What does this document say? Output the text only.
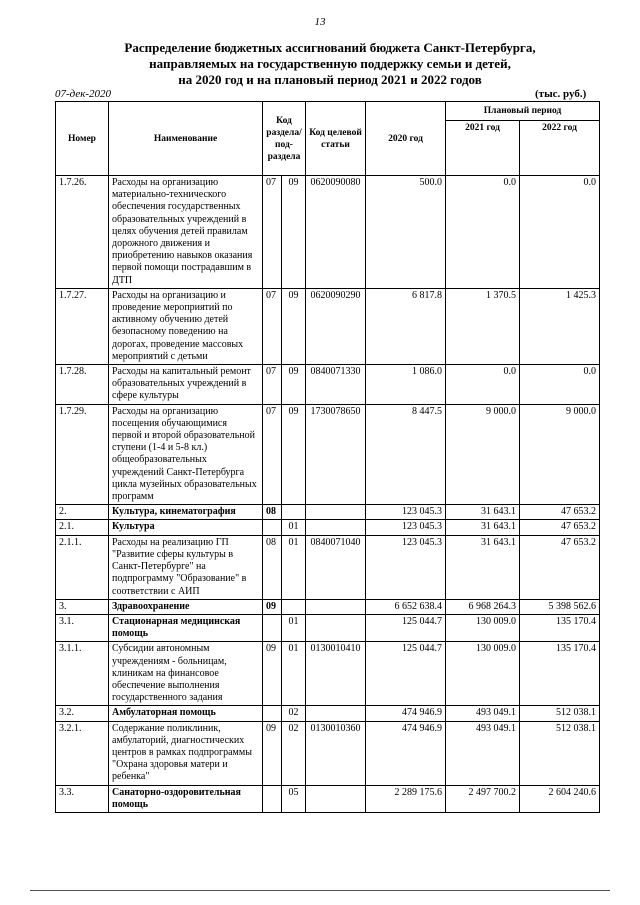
13
Распределение бюджетных ассигнований бюджета Санкт-Петербурга,
направляемых на государственную поддержку семьи и детей,
на 2020 год и на плановый период 2021 и 2022 годов
07-дек-2020	(тыс. руб.)
Номер	Наименование	Код раздела/ под- раздела		Код целевой статьи	2020 год	Плановый период	
						2021 год	2022 год
1.7.26.	Расходы на организацию материально-технического обеспечения государственных образовательных учреждений в целях обучения детей правилам дорожного движения и приобретению навыков оказания первой помощи пострадавшим в ДТП	07	09	0620090080	500.0	0.0	0.0
1.7.27.	Расходы на организацию и проведение мероприятий по активному обучению детей безопасному поведению на дорогах, проведение массовых мероприятий с детьми	07	09	0620090290	6 817.8	1 370.5	1 425.3
1.7.28.	Расходы на капитальный ремонт образовательных учреждений в сфере культуры	07	09	0840071330	1 086.0	0.0	0.0
1.7.29.	Расходы на организацию посещения обучающимися первой и второй образовательной ступени (1-4 и 5-8 кл.) общеобразовательных учреждений Санкт-Петербурга цикла музейных образовательных программ	07	09	1730078650	8 447.5	9 000.0	9 000.0
2.	Культура, кинематография	08			123 045.3	31 643.1	47 653.2
2.1.	Культура		01		123 045.3	31 643.1	47 653.2
2.1.1.	Расходы на реализацию ГП "Развитие сферы культуры в Санкт-Петербурге" на подпрограмму "Образование" в соответствии с АИП	08	01	0840071040	123 045.3	31 643.1	47 653.2
3.	Здравоохранение	09			6 652 638.4	6 968 264.3	5 398 562.6
3.1.	Стационарная медицинская помощь		01		125 044.7	130 009.0	135 170.4
3.1.1.	Субсидии автономным учреждениям - больницам, клиникам на финансовое обеспечение выполнения государственного задания	09	01	0130010410	125 044.7	130 009.0	135 170.4
3.2.	Амбулаторная помощь		02		474 946.9	493 049.1	512 038.1
3.2.1.	Содержание поликлиник, амбулаторий, диагностических центров в рамках подпрограммы "Охрана здоровья матери и ребенка"	09	02	0130010360	474 946.9	493 049.1	512 038.1
3.3.	Санаторно-оздоровительная помощь		05		2 289 175.6	2 497 700.2	2 604 240.6
